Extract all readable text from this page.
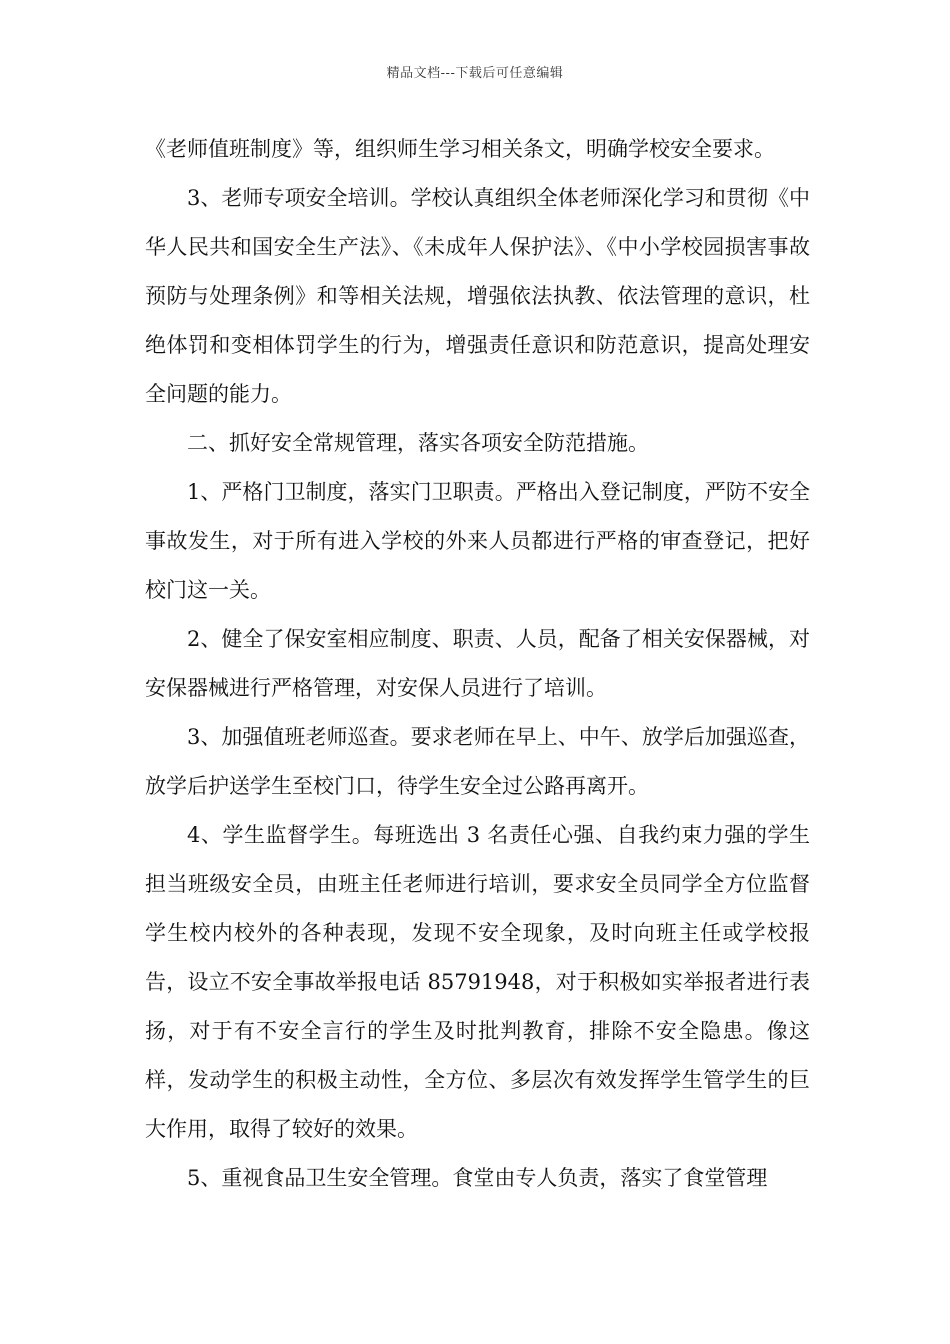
精品文档---下载后可任意编辑

《老师值班制度》等，组织师生学习相关条文，明确学校安全要求。

3、老师专项安全培训。学校认真组织全体老师深化学习和贯彻《中华人民共和国安全生产法》、《未成年人保护法》、《中小学校园损害事故预防与处理条例》和等相关法规，增强依法执教、依法管理的意识，杜绝体罚和变相体罚学生的行为，增强责任意识和防范意识，提高处理安全问题的能力。

二、抓好安全常规管理，落实各项安全防范措施。

1、严格门卫制度，落实门卫职责。严格出入登记制度，严防不安全事故发生，对于所有进入学校的外来人员都进行严格的审查登记，把好校门这一关。

2、健全了保安室相应制度、职责、人员，配备了相关安保器械，对安保器械进行严格管理，对安保人员进行了培训。

3、加强值班老师巡查。要求老师在早上、中午、放学后加强巡查，放学后护送学生至校门口，待学生安全过公路再离开。

4、学生监督学生。每班选出 3 名责任心强、自我约束力强的学生担当班级安全员，由班主任老师进行培训，要求安全员同学全方位监督学生校内校外的各种表现，发现不安全现象，及时向班主任或学校报告，设立不安全事故举报电话 85791948，对于积极如实举报者进行表扬，对于有不安全言行的学生及时批判教育，排除不安全隐患。像这样，发动学生的积极主动性，全方位、多层次有效发挥学生管学生的巨大作用，取得了较好的效果。

5、重视食品卫生安全管理。食堂由专人负责，落实了食堂管理
